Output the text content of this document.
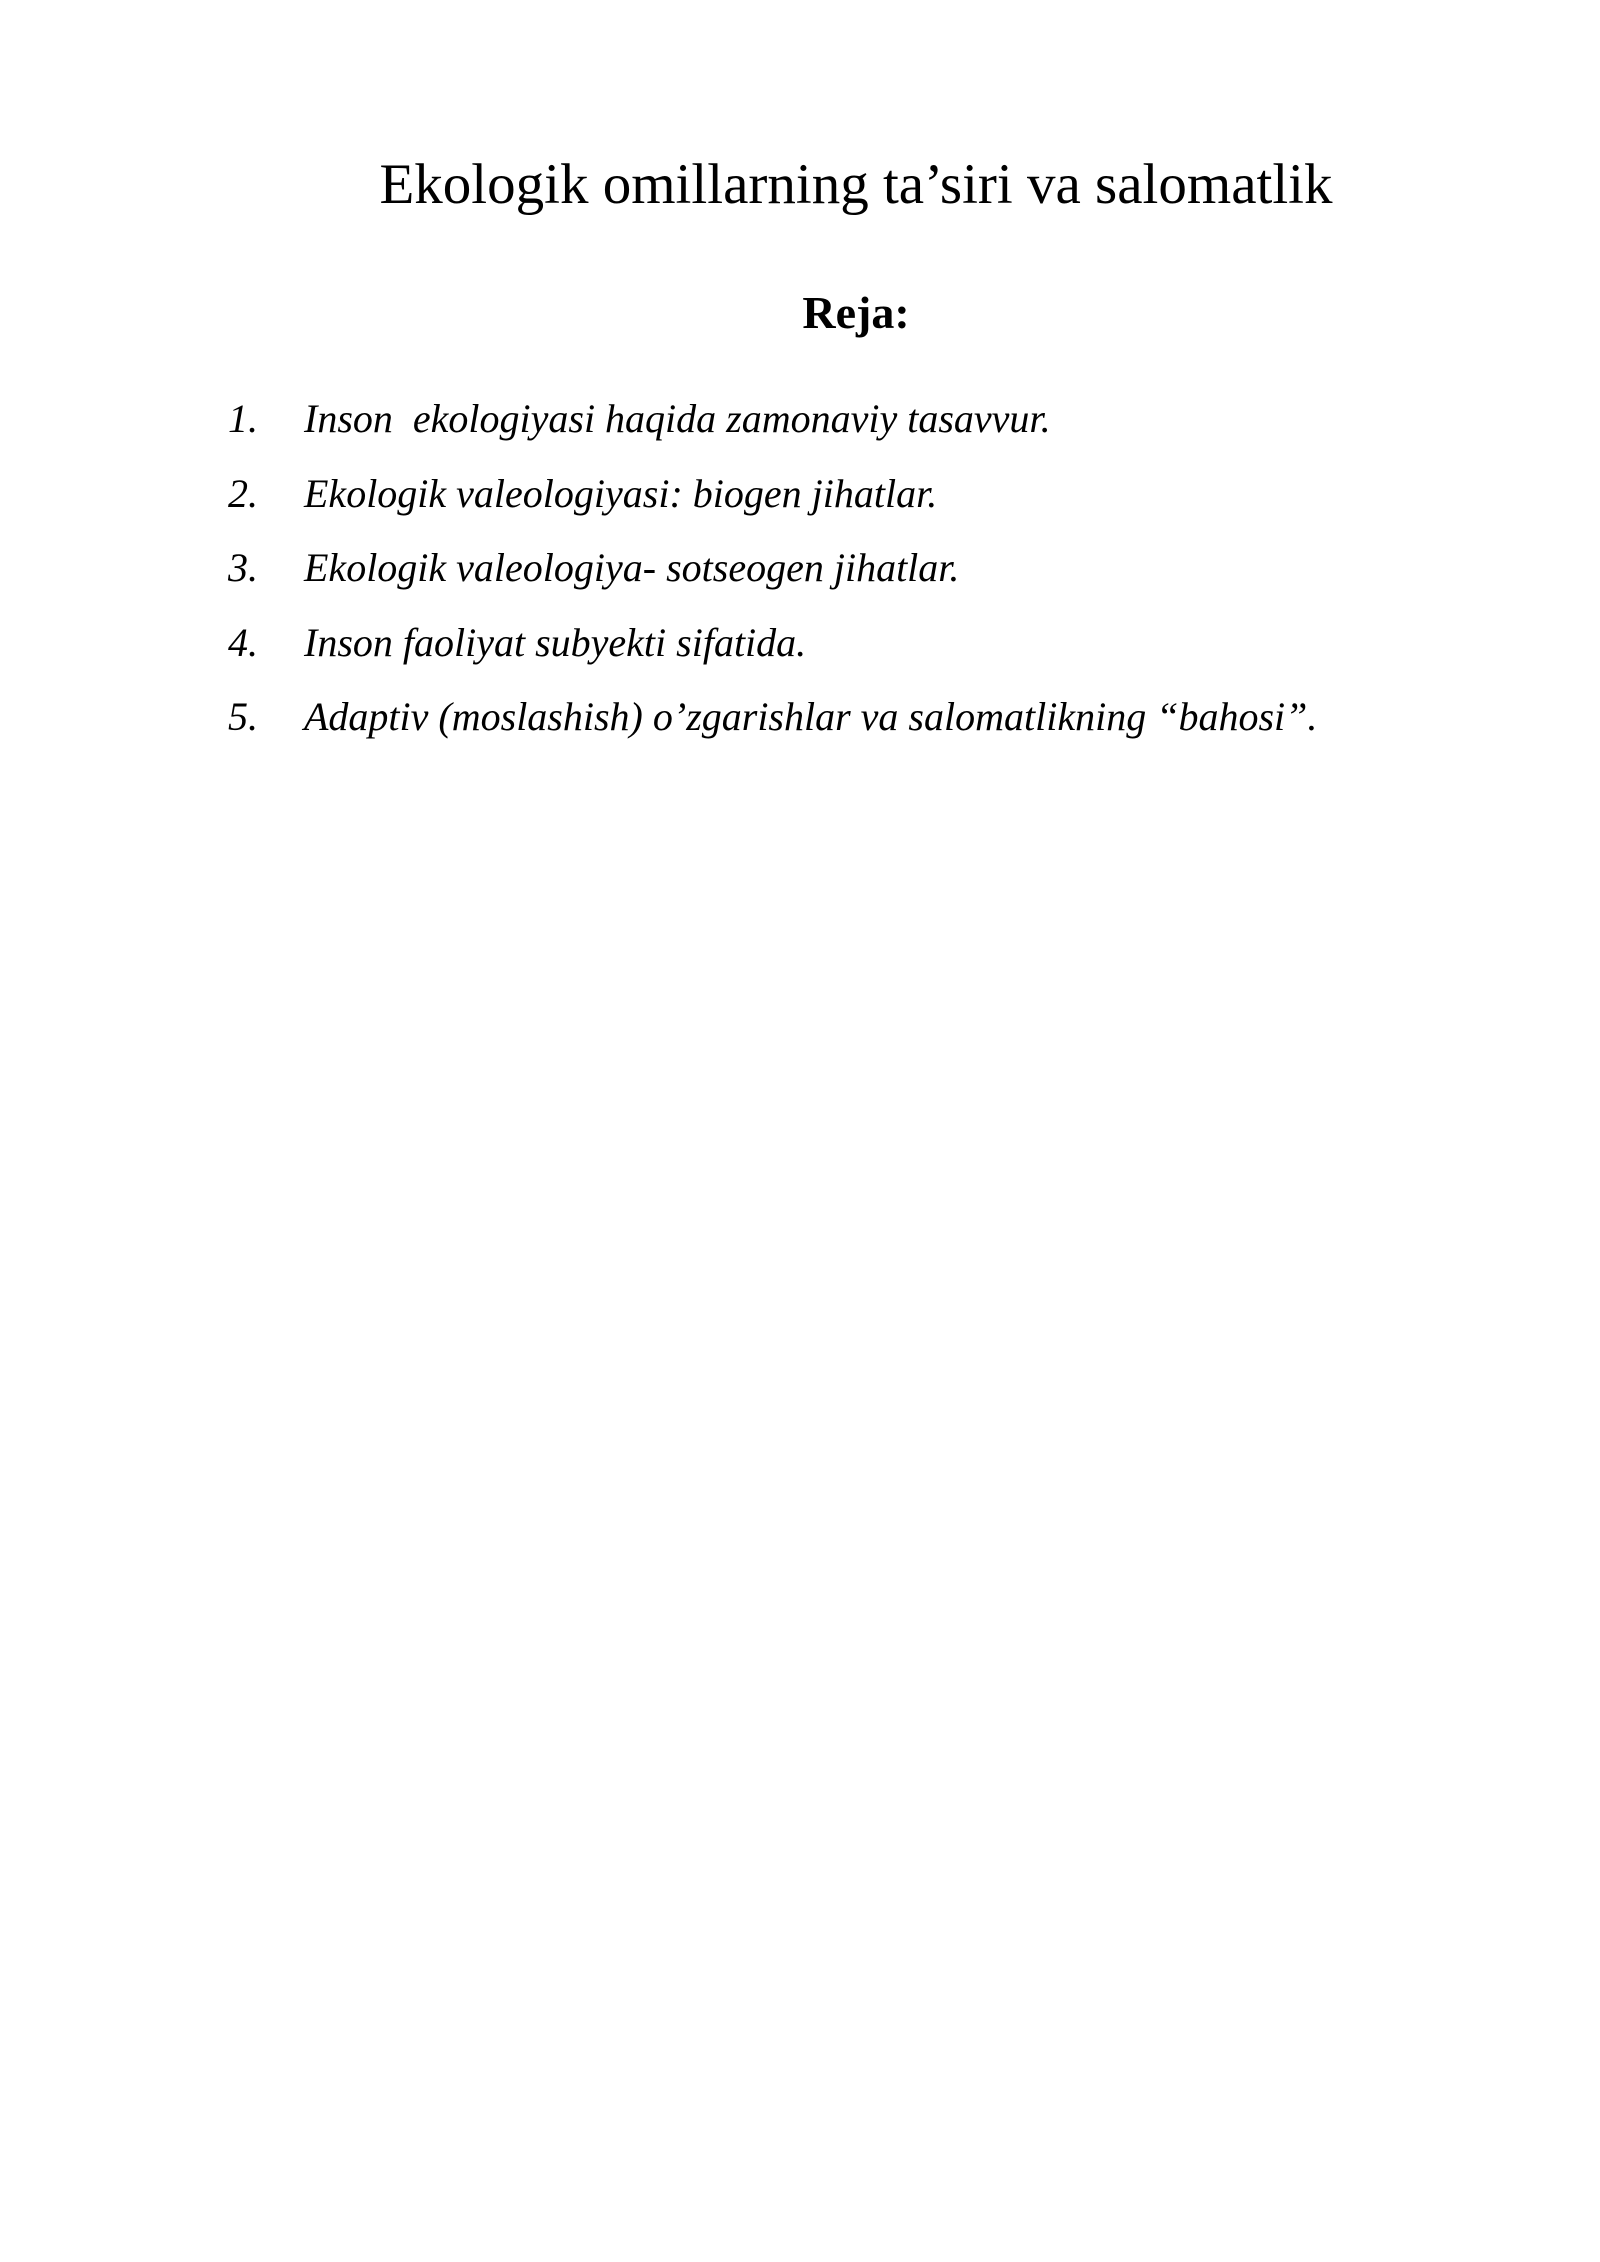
Ekologik omillarning ta’siri va salomatlik
Reja:
1.	Inson  ekologiyasi haqida zamonaviy tasavvur.
2.	Ekologik valeologiyasi: biogen jihatlar.
3.	Ekologik valeologiya- sotseogen jihatlar.
4.	Inson faoliyat subyekti sifatida.
5.	Adaptiv (moslashish) o’zgarishlar va salomatlikning “bahosi”.
